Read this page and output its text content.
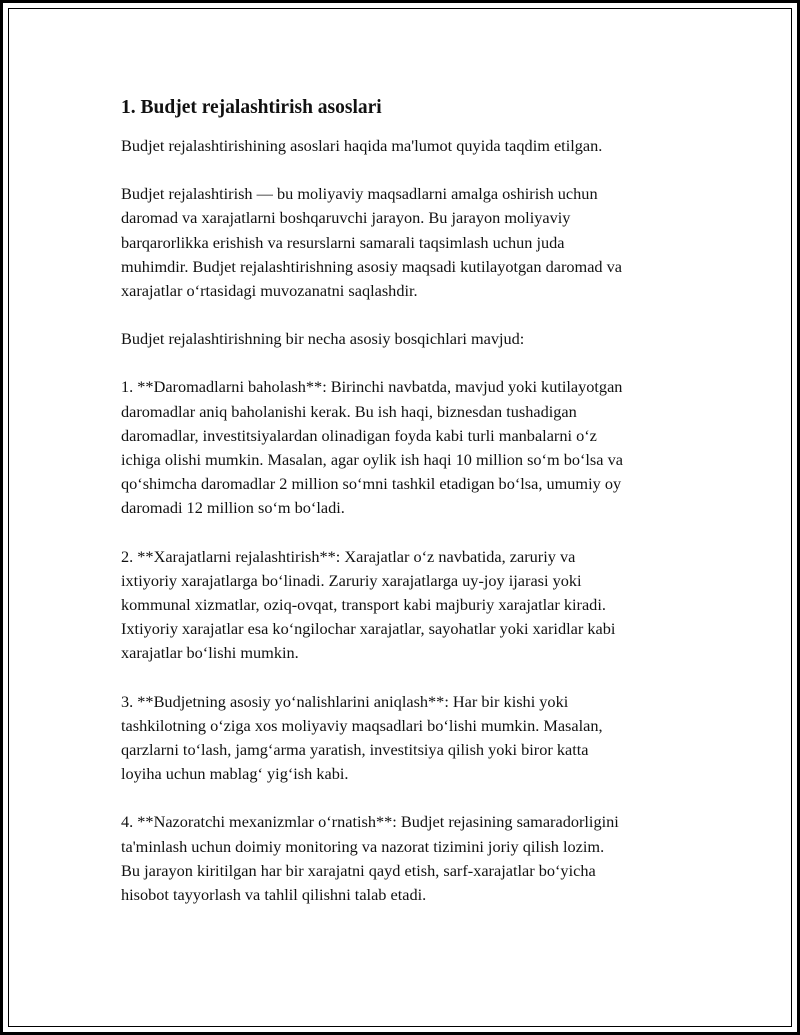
1. Budjet rejalashtirish asoslari

Budjet rejalashtirishining asoslari haqida ma'lumot quyida taqdim etilgan.

Budjet rejalashtirish — bu moliyaviy maqsadlarni amalga oshirish uchun
daromad va xarajatlarni boshqaruvchi jarayon. Bu jarayon moliyaviy
barqarorlikka erishish va resurslarni samarali taqsimlash uchun juda
muhimdir. Budjet rejalashtirishning asosiy maqsadi kutilayotgan daromad va
xarajatlar o‘rtasidagi muvozanatni saqlashdir.

Budjet rejalashtirishning bir necha asosiy bosqichlari mavjud:

1. **Daromadlarni baholash**: Birinchi navbatda, mavjud yoki kutilayotgan
daromadlar aniq baholanishi kerak. Bu ish haqi, biznesdan tushadigan
daromadlar, investitsiyalardan olinadigan foyda kabi turli manbalarni o‘z
ichiga olishi mumkin. Masalan, agar oylik ish haqi 10 million so‘m bo‘lsa va
qo‘shimcha daromadlar 2 million so‘mni tashkil etadigan bo‘lsa, umumiy oy
daromadi 12 million so‘m bo‘ladi.

2. **Xarajatlarni rejalashtirish**: Xarajatlar o‘z navbatida, zaruriy va
ixtiyoriy xarajatlarga bo‘linadi. Zaruriy xarajatlarga uy-joy ijarasi yoki
kommunal xizmatlar, oziq-ovqat, transport kabi majburiy xarajatlar kiradi.
Ixtiyoriy xarajatlar esa ko‘ngilochar xarajatlar, sayohatlar yoki xaridlar kabi
xarajatlar bo‘lishi mumkin.

3. **Budjetning asosiy yo‘nalishlarini aniqlash**: Har bir kishi yoki
tashkilotning o‘ziga xos moliyaviy maqsadlari bo‘lishi mumkin. Masalan,
qarzlarni to‘lash, jamg‘arma yaratish, investitsiya qilish yoki biror katta
loyiha uchun mablag‘ yig‘ish kabi.

4. **Nazoratchi mexanizmlar o‘rnatish**: Budjet rejasining samaradorligini
ta'minlash uchun doimiy monitoring va nazorat tizimini joriy qilish lozim.
Bu jarayon kiritilgan har bir xarajatni qayd etish, sarf-xarajatlar bo‘yicha
hisobot tayyorlash va tahlil qilishni talab etadi.
